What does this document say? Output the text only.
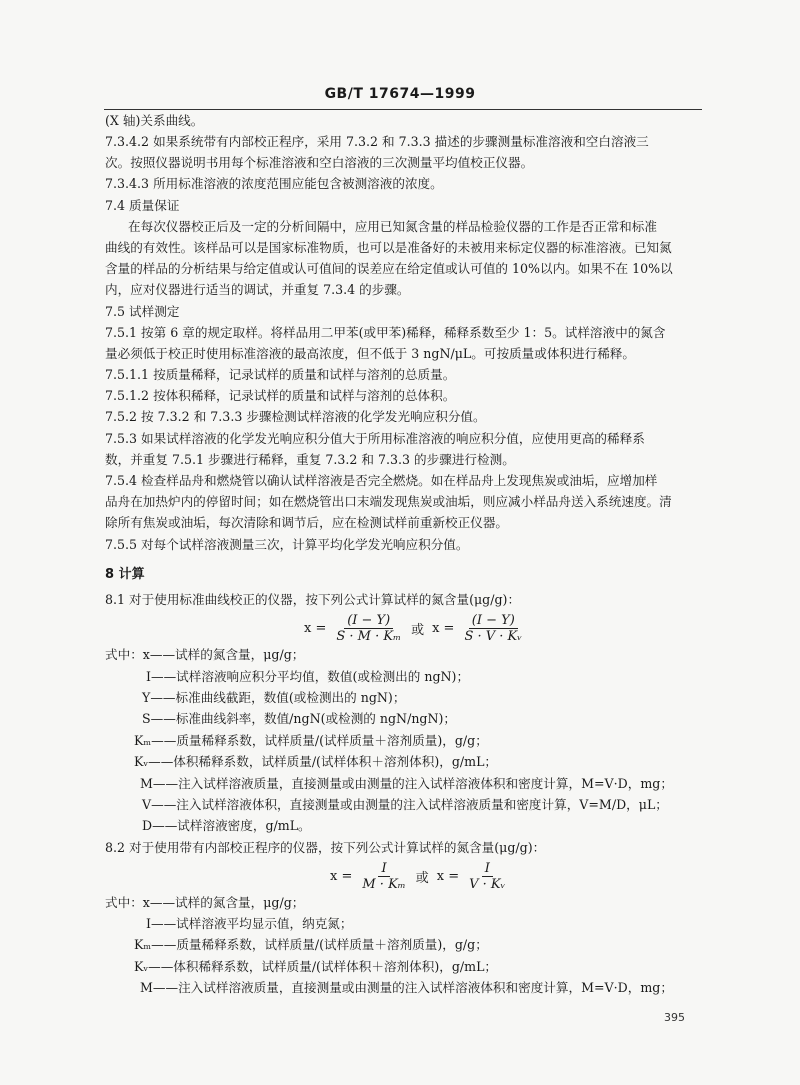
GB/T 17674—1999
(X 轴)关系曲线。
7.3.4.2 如果系统带有内部校正程序，采用 7.3.2 和 7.3.3 描述的步骤测量标准溶液和空白溶液三
次。按照仪器说明书用每个标准溶液和空白溶液的三次测量平均值校正仪器。
7.3.4.3 所用标准溶液的浓度范围应能包含被测溶液的浓度。
7.4 质量保证
在每次仪器校正后及一定的分析间隔中，应用已知氮含量的样品检验仪器的工作是否正常和标准
曲线的有效性。该样品可以是国家标准物质，也可以是准备好的未被用来标定仪器的标准溶液。已知氮
含量的样品的分析结果与给定值或认可值间的误差应在给定值或认可值的 10%以内。如果不在 10%以
内，应对仪器进行适当的调试，并重复 7.3.4 的步骤。
7.5 试样测定
7.5.1 按第 6 章的规定取样。将样品用二甲苯(或甲苯)稀释，稀释系数至少 1：5。试样溶液中的氮含
量必须低于校正时使用标准溶液的最高浓度，但不低于 3 ngN/μL。可按质量或体积进行稀释。
7.5.1.1 按质量稀释，记录试样的质量和试样与溶剂的总质量。
7.5.1.2 按体积稀释，记录试样的质量和试样与溶剂的总体积。
7.5.2 按 7.3.2 和 7.3.3 步骤检测试样溶液的化学发光响应积分值。
7.5.3 如果试样溶液的化学发光响应积分值大于所用标准溶液的响应积分值，应使用更高的稀释系
数，并重复 7.5.1 步骤进行稀释，重复 7.3.2 和 7.3.3 的步骤进行检测。
7.5.4 检查样品舟和燃烧管以确认试样溶液是否完全燃烧。如在样品舟上发现焦炭或油垢，应增加样
品舟在加热炉内的停留时间；如在燃烧管出口末端发现焦炭或油垢，则应减小样品舟送入系统速度。清
除所有焦炭或油垢，每次清除和调节后，应在检测试样前重新校正仪器。
7.5.5 对每个试样溶液测量三次，计算平均化学发光响应积分值。
8 计算
8.1 对于使用标准曲线校正的仪器，按下列公式计算试样的氮含量(μg/g)：
式中：x——试样的氮含量，μg/g；
I——试样溶液响应积分平均值，数值(或检测出的 ngN)；
Y——标准曲线截距，数值(或检测出的 ngN)；
S——标准曲线斜率，数值/ngN(或检测的 ngN/ngN)；
Kₘ——质量稀释系数，试样质量/(试样质量＋溶剂质量)，g/g；
Kᵥ——体积稀释系数，试样质量/(试样体积＋溶剂体积)，g/mL；
M——注入试样溶液质量，直接测量或由测量的注入试样溶液体积和密度计算，M=V·D，mg；
V——注入试样溶液体积，直接测量或由测量的注入试样溶液质量和密度计算，V=M/D，μL；
D——试样溶液密度，g/mL。
8.2 对于使用带有内部校正程序的仪器，按下列公式计算试样的氮含量(μg/g)：
式中：x——试样的氮含量，μg/g；
I——试样溶液平均显示值，纳克氮；
Kₘ——质量稀释系数，试样质量/(试样质量＋溶剂质量)，g/g；
Kᵥ——体积稀释系数，试样质量/(试样体积＋溶剂体积)，g/mL；
M——注入试样溶液质量，直接测量或由测量的注入试样溶液体积和密度计算，M=V·D，mg；
$x = \frac{(I - Y)}{\text{S · M · Kₘ}}$ 或 $x = \frac{(I - Y)}{\text{S · V · Kᵥ}}$
$x = \frac{I}{\text{M · Kₘ}}$ 或 $x = \frac{I}{\text{V · Kᵥ}}$
395
